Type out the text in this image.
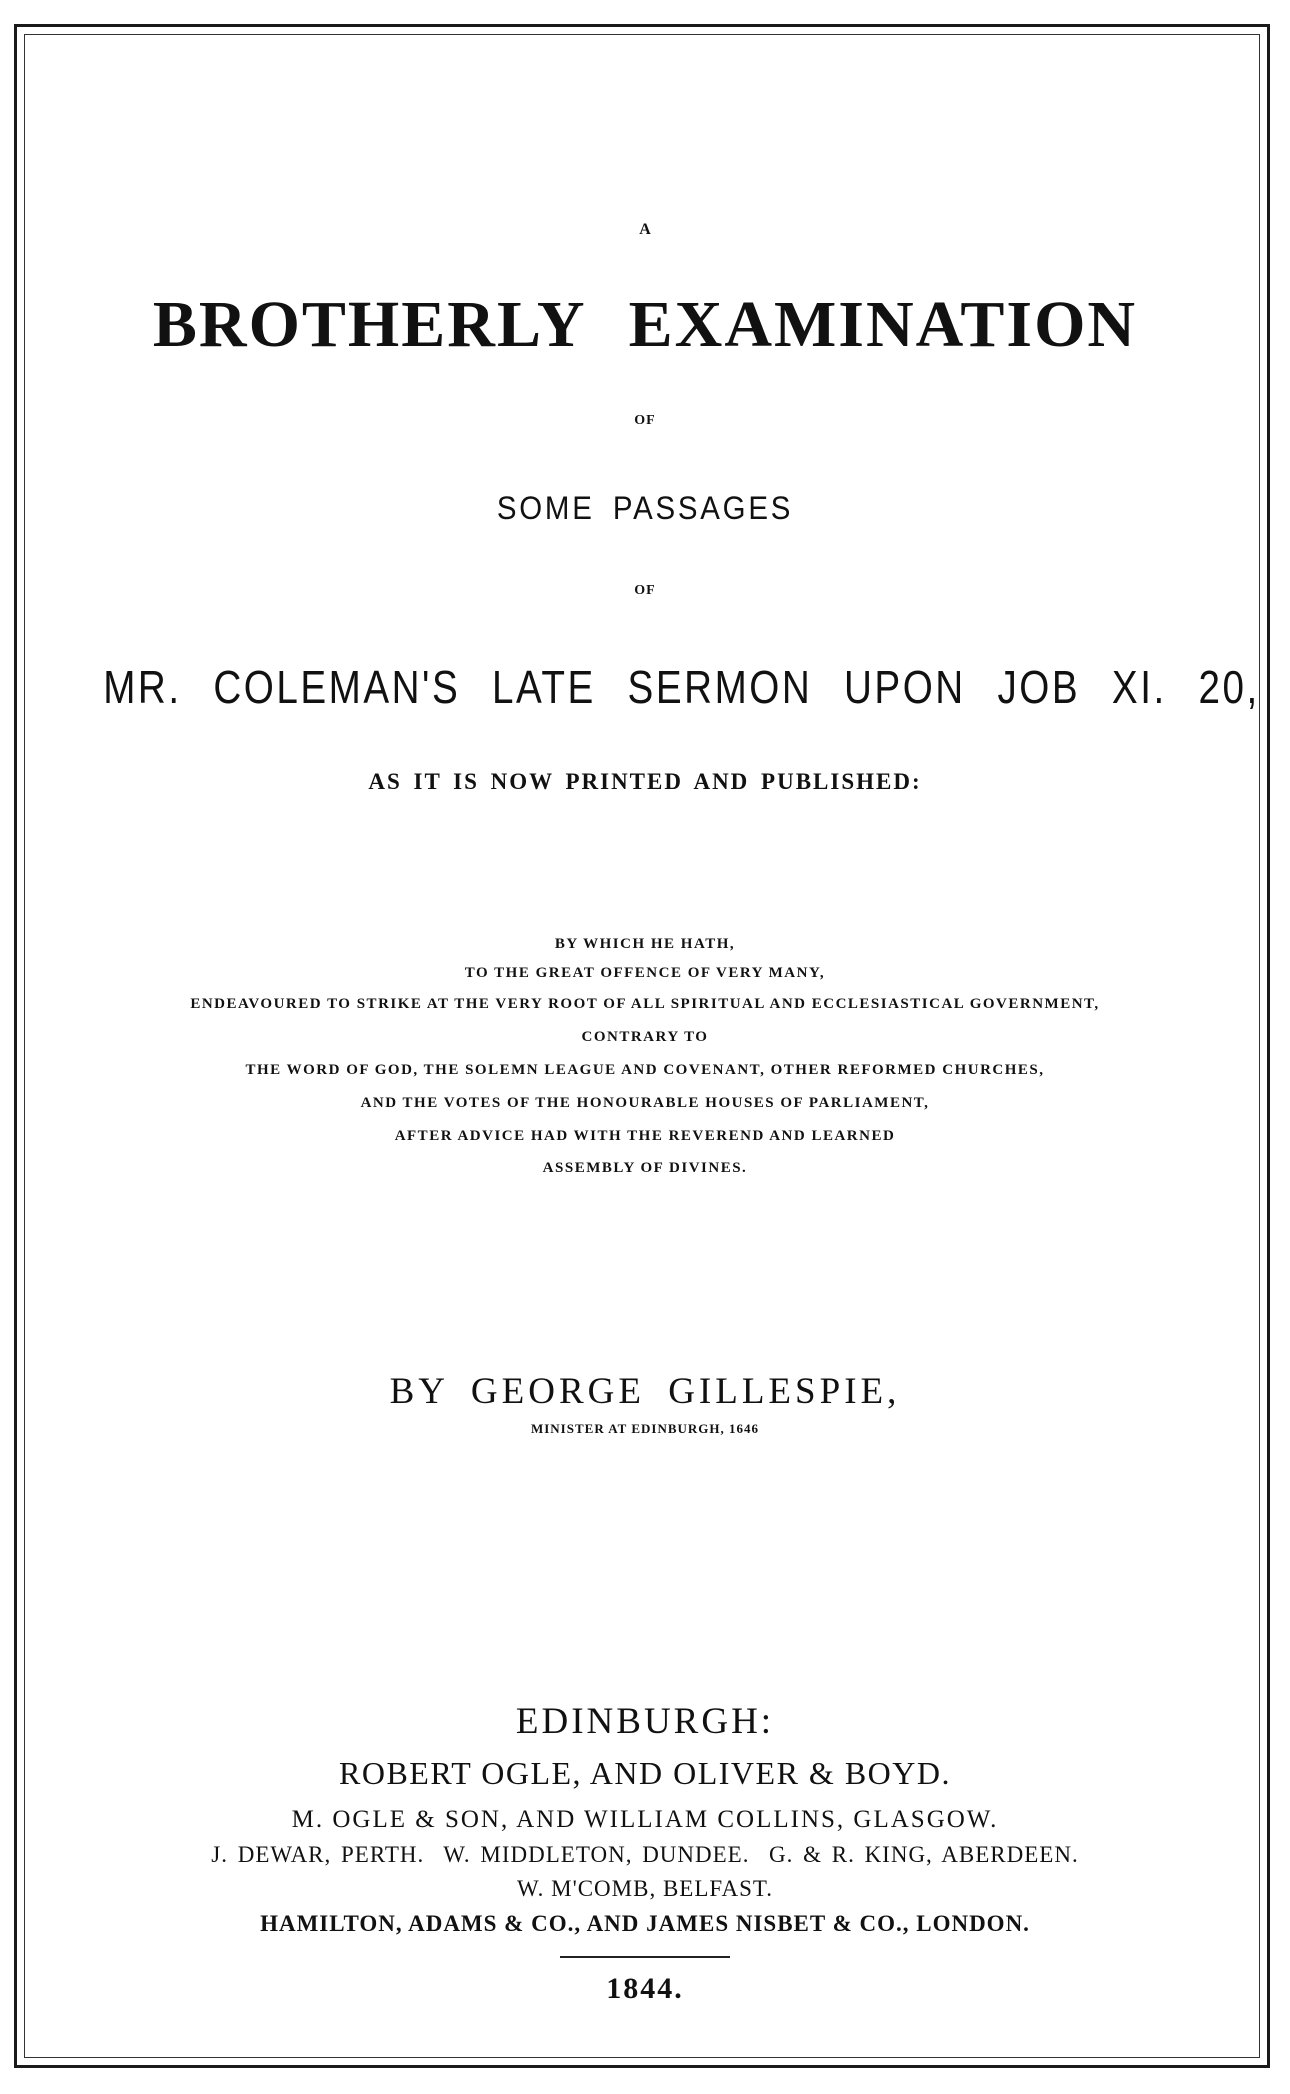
A
BROTHERLY EXAMINATION
OF
SOME PASSAGES
OF
MR. COLEMAN'S LATE SERMON UPON JOB XI. 20,
AS IT IS NOW PRINTED AND PUBLISHED:
BY WHICH HE HATH,
TO THE GREAT OFFENCE OF VERY MANY,
ENDEAVOURED TO STRIKE AT THE VERY ROOT OF ALL SPIRITUAL AND ECCLESIASTICAL GOVERNMENT,
CONTRARY TO
THE WORD OF GOD, THE SOLEMN LEAGUE AND COVENANT, OTHER REFORMED CHURCHES,
AND THE VOTES OF THE HONOURABLE HOUSES OF PARLIAMENT,
AFTER ADVICE HAD WITH THE REVEREND AND LEARNED
ASSEMBLY OF DIVINES.
BY GEORGE GILLESPIE,
MINISTER AT EDINBURGH, 1646
EDINBURGH:
ROBERT OGLE, AND OLIVER & BOYD.
M. OGLE & SON, AND WILLIAM COLLINS, GLASGOW.
J. DEWAR, PERTH.  W. MIDDLETON, DUNDEE.  G. & R. KING, ABERDEEN.
W. M'COMB, BELFAST.
HAMILTON, ADAMS & CO., AND JAMES NISBET & CO., LONDON.
1844.
